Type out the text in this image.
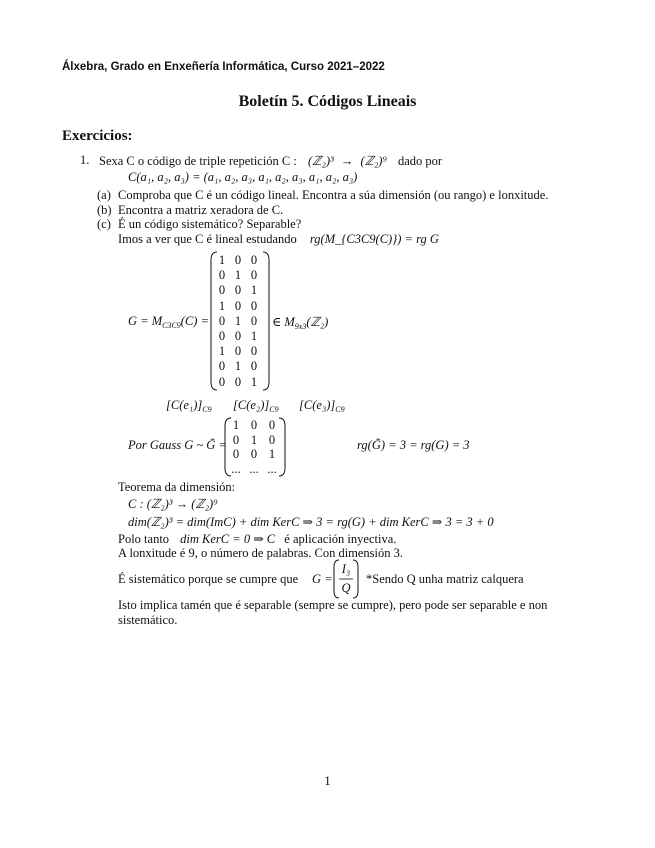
Álxebra, Grado en Enxeñería Informática, Curso 2021–2022
Boletín 5. Códigos Lineais
Exercicios:
1. Sexa C o código de triple repetición C : (ℤ₂)³ → (ℤ₂)⁹ dado por
C(a₁, a₂, a₃) = (a₁, a₂, a₃, a₁, a₂, a₃, a₁, a₂, a₃)
(a) Comproba que C é un código lineal. Encontra a súa dimensión (ou rango) e lonxitude.
(b) Encontra a matriz xeradora de C.
(c) É un código sistemático? Separable?
Imos a ver que C é lineal estudando rg(M_{C3C9(C)}) = rg G
$G = M_{C3C9}(C)$ =
1 0 0
0 1 0
0 0 1
1 0 0
0 1 0
0 0 1
1 0 0
0 1 0
0 0 1
∈ $M_{9x3}(ℤ_2)$
$[C(e_1)]_{C9}$ $[C(e_2)]_{C9}$ $[C(e_3)]_{C9}$
Por Gauss G ~ G̃ =
1 0 0
0 1 0
0 0 1
... ... ...
rg(G̃) = 3 = rg(G) = 3
Teorema da dimensión:
C : (ℤ₂)³ → (ℤ₂)⁹
dim(ℤ₂)³ = dim(ImC) + dim KerC ⇒ 3 = rg(G) + dim KerC ⇒ 3 = 3 + 0
Polo tanto dim KerC = 0 ⇒ C é aplicación inyectiva.
A lonxitude é 9, o número de palabras. Con dimensión 3.
É sistemático porque se cumpre que G =
I₃
Q
*Sendo Q unha matriz calquera
Isto implica tamén que é separable (sempre se cumpre), pero pode ser separable e non
sistemático.
1
